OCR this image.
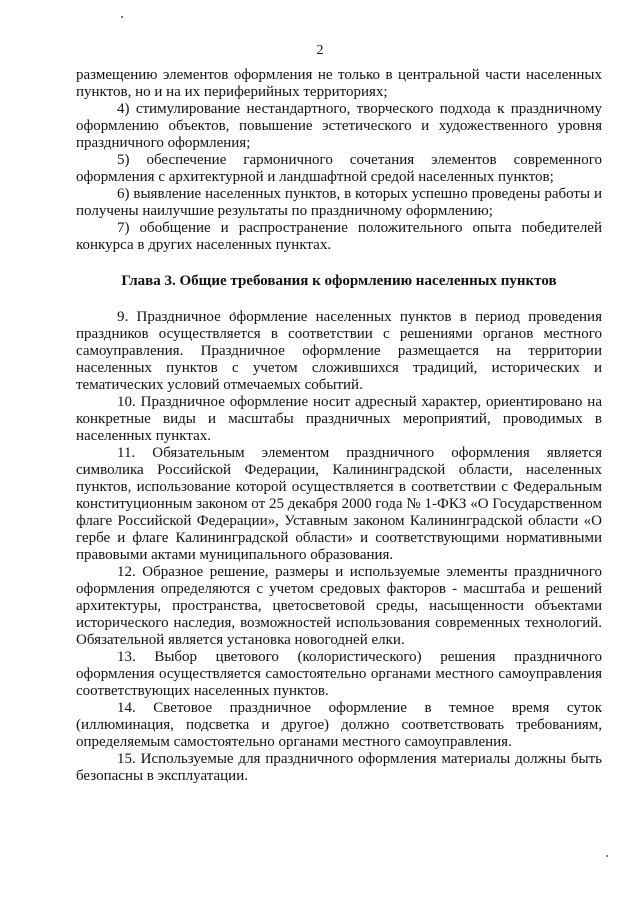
2

размещению элементов оформления не только в центральной части населенных пунктов, но и на их периферийных территориях;

4) стимулирование нестандартного, творческого подхода к праздничному оформлению объектов, повышение эстетического и художественного уровня праздничного оформления;

5) обеспечение гармоничного сочетания элементов современного оформления с архитектурной и ландшафтной средой населенных пунктов;

6) выявление населенных пунктов, в которых успешно проведены работы и получены наилучшие результаты по праздничному оформлению;

7) обобщение и распространение положительного опыта победителей конкурса в других населенных пунктах.

Глава 3. Общие требования к оформлению населенных пунктов

9. Праздничное оформление населенных пунктов в период проведения праздников осуществляется в соответствии с решениями органов местного самоуправления. Праздничное оформление размещается на территории населенных пунктов с учетом сложившихся традиций, исторических и тематических условий отмечаемых событий.

10. Праздничное оформление носит адресный характер, ориентировано на конкретные виды и масштабы праздничных мероприятий, проводимых в населенных пунктах.

11. Обязательным элементом праздничного оформления является символика Российской Федерации, Калининградской области, населенных пунктов, использование которой осуществляется в соответствии с Федеральным конституционным законом от 25 декабря 2000 года № 1-ФКЗ «О Государственном флаге Российской Федерации», Уставным законом Калининградской области «О гербе и флаге Калининградской области» и соответствующими нормативными правовыми актами муниципального образования.

12. Образное решение, размеры и используемые элементы праздничного оформления определяются с учетом средовых факторов - масштаба и решений архитектуры, пространства, цветосветовой среды, насыщенности объектами исторического наследия, возможностей использования современных технологий. Обязательной является установка новогодней елки.

13. Выбор цветового (колористического) решения праздничного оформления осуществляется самостоятельно органами местного самоуправления соответствующих населенных пунктов.

14. Световое праздничное оформление в темное время суток (иллюминация, подсветка и другое) должно соответствовать требованиям, определяемым самостоятельно органами местного самоуправления.

15. Используемые для праздничного оформления материалы должны быть безопасны в эксплуатации.
